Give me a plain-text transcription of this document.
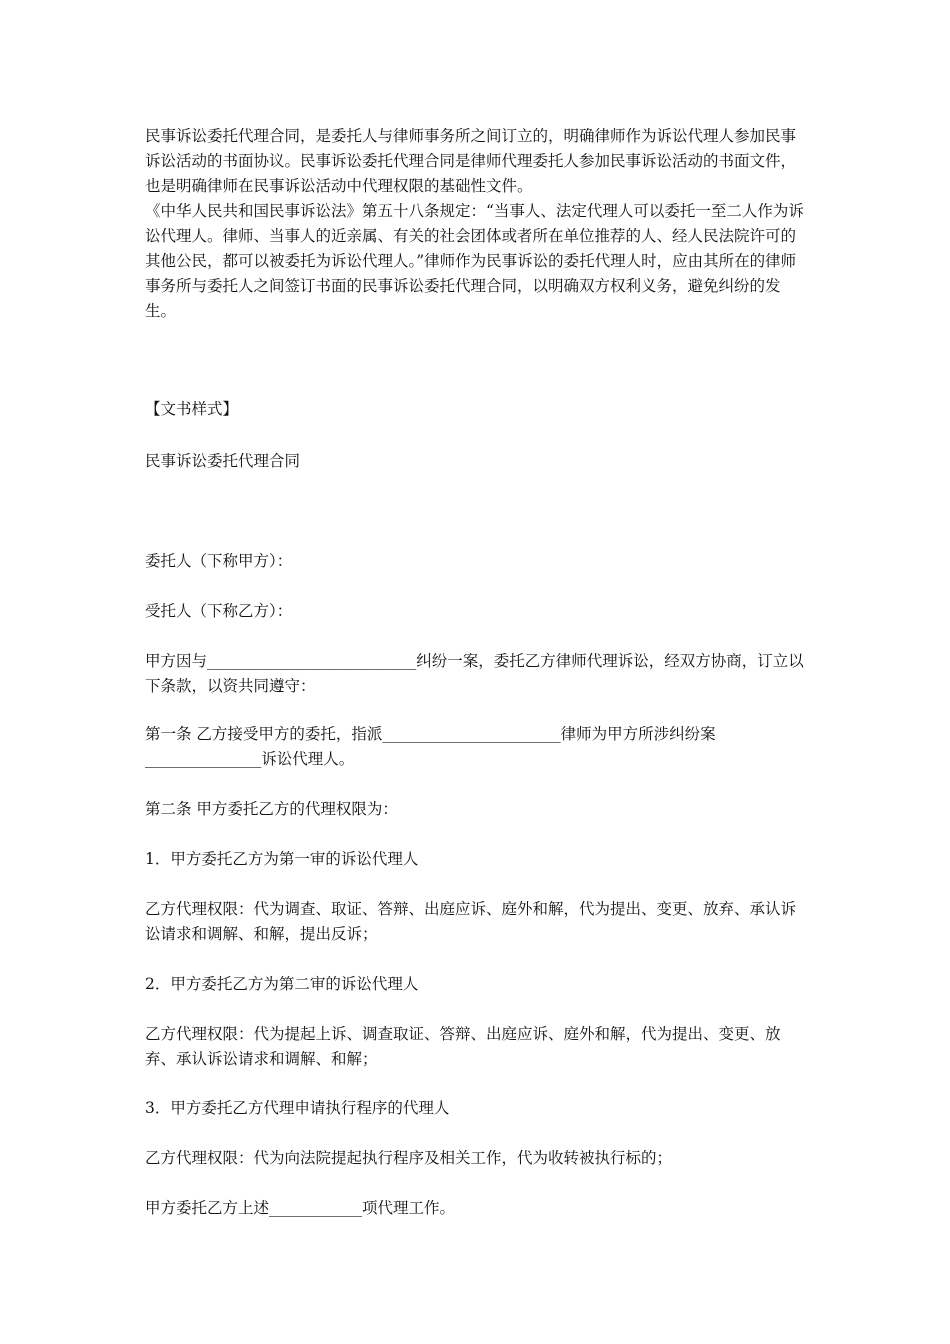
民事诉讼委托代理合同，是委托人与律师事务所之间订立的，明确律师作为诉讼代理人参加民事诉讼活动的书面协议。民事诉讼委托代理合同是律师代理委托人参加民事诉讼活动的书面文件，也是明确律师在民事诉讼活动中代理权限的基础性文件。
《中华人民共和国民事诉讼法》第五十八条规定：“当事人、法定代理人可以委托一至二人作为诉讼代理人。律师、当事人的近亲属、有关的社会团体或者所在单位推荐的人、经人民法院许可的其他公民，都可以被委托为诉讼代理人。”律师作为民事诉讼的委托代理人时，应由其所在的律师事务所与委托人之间签订书面的民事诉讼委托代理合同，以明确双方权利义务，避免纠纷的发生。

【文书样式】

民事诉讼委托代理合同

委托人（下称甲方）：

受托人（下称乙方）：

甲方因与___________________________纠纷一案，委托乙方律师代理诉讼，经双方协商，订立以下条款，以资共同遵守：

第一条 乙方接受甲方的委托，指派_______________________律师为甲方所涉纠纷案_______________诉讼代理人。

第二条 甲方委托乙方的代理权限为：

1．甲方委托乙方为第一审的诉讼代理人

乙方代理权限：代为调查、取证、答辩、出庭应诉、庭外和解，代为提出、变更、放弃、承认诉讼请求和调解、和解，提出反诉；

2．甲方委托乙方为第二审的诉讼代理人

乙方代理权限：代为提起上诉、调查取证、答辩、出庭应诉、庭外和解，代为提出、变更、放弃、承认诉讼请求和调解、和解；

3．甲方委托乙方代理申请执行程序的代理人

乙方代理权限：代为向法院提起执行程序及相关工作，代为收转被执行标的；

甲方委托乙方上述____________项代理工作。
